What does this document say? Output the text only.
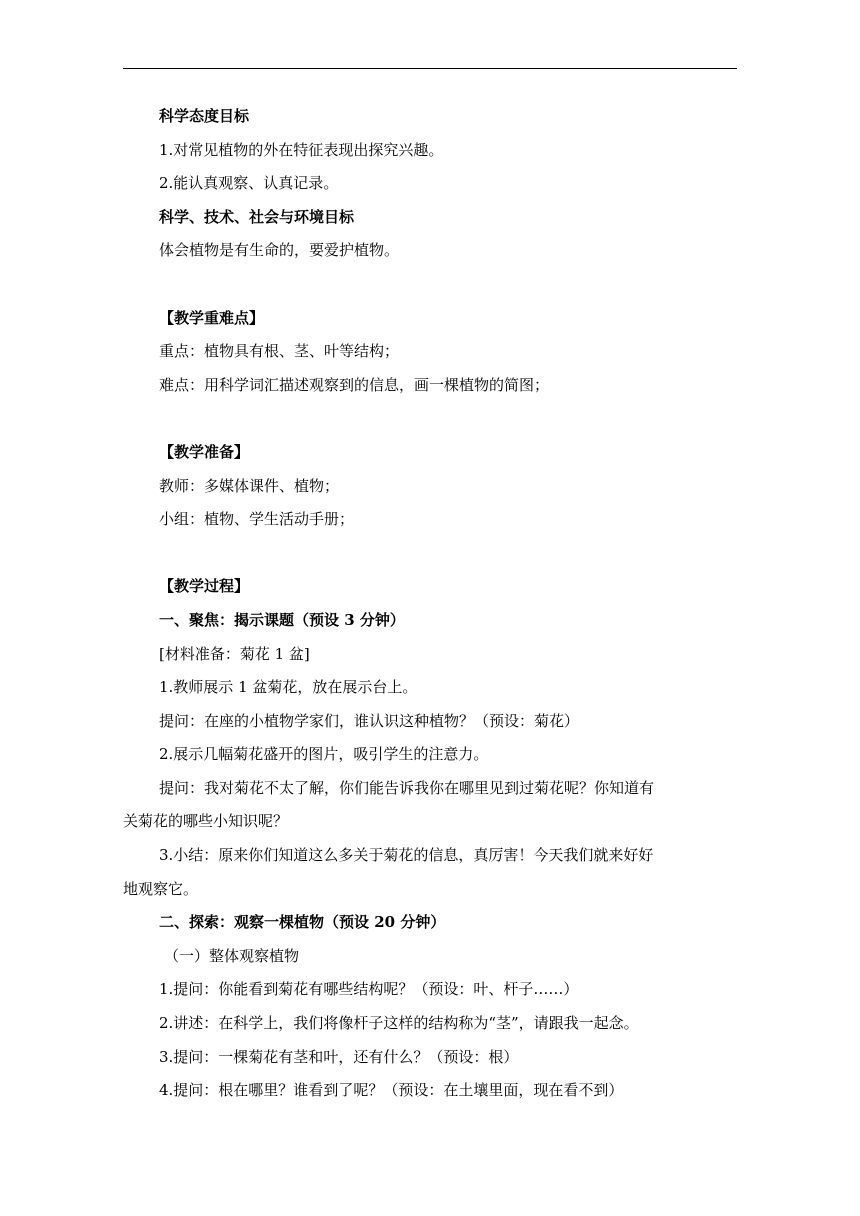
科学态度目标

1.对常见植物的外在特征表现出探究兴趣。

2.能认真观察、认真记录。

科学、技术、社会与环境目标

体会植物是有生命的，要爱护植物。

【教学重难点】

重点：植物具有根、茎、叶等结构；

难点：用科学词汇描述观察到的信息，画一棵植物的简图；

【教学准备】

教师：多媒体课件、植物；

小组：植物、学生活动手册；

【教学过程】

一、聚焦：揭示课题（预设 3 分钟）

[材料准备：菊花 1 盆]

1.教师展示 1 盆菊花，放在展示台上。

提问：在座的小植物学家们，谁认识这种植物？（预设：菊花）

2.展示几幅菊花盛开的图片，吸引学生的注意力。

提问：我对菊花不太了解，你们能告诉我你在哪里见到过菊花呢？你知道有

关菊花的哪些小知识呢？

3.小结：原来你们知道这么多关于菊花的信息，真厉害！今天我们就来好好

地观察它。

二、探索：观察一棵植物（预设 20 分钟）

（一）整体观察植物

1.提问：你能看到菊花有哪些结构呢？（预设：叶、杆子……）

2.讲述：在科学上，我们将像杆子这样的结构称为“茎”，请跟我一起念。

3.提问：一棵菊花有茎和叶，还有什么？（预设：根）

4.提问：根在哪里？谁看到了呢？（预设：在土壤里面，现在看不到）
